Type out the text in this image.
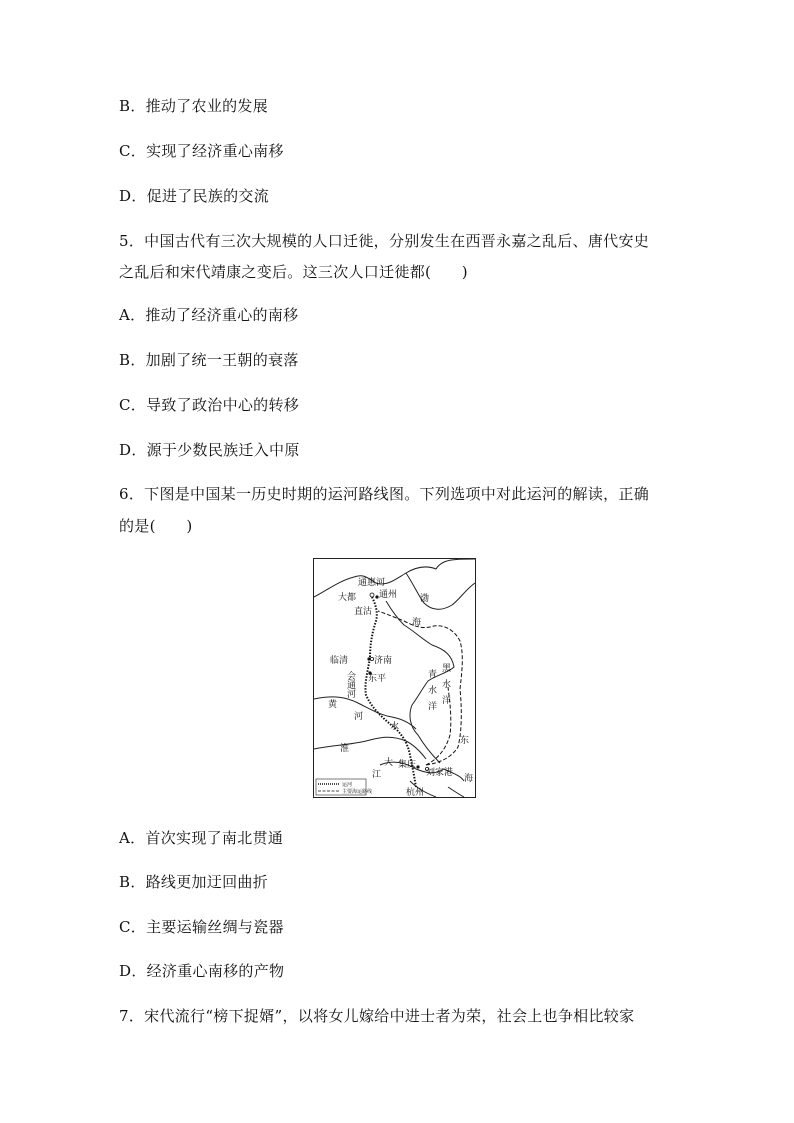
B．推动了农业的发展
C．实现了经济重心南移
D．促进了民族的交流
5．中国古代有三次大规模的人口迁徙，分别发生在西晋永嘉之乱后、唐代安史
之乱后和宋代靖康之变后。这三次人口迁徙都(　　)
A．推动了经济重心的南移
B．加剧了统一王朝的衰落
C．导致了政治中心的转移
D．源于少数民族迁入中原
6．下图是中国某一历史时期的运河路线图。下列选项中对此运河的解读，正确
的是(　　)
通惠河
大都	通州
直沽
渤
海
临清	济南
东平
会通河	青
黑
水
水
洋
洋
黄
河
水
淮
东
大
江
集庆
刘家港
海
杭州
运河
主要海运路线
A．首次实现了南北贯通
B．路线更加迂回曲折
C．主要运输丝绸与瓷器
D．经济重心南移的产物
7．宋代流行“榜下捉婿”，以将女儿嫁给中进士者为荣，社会上也争相比较家
